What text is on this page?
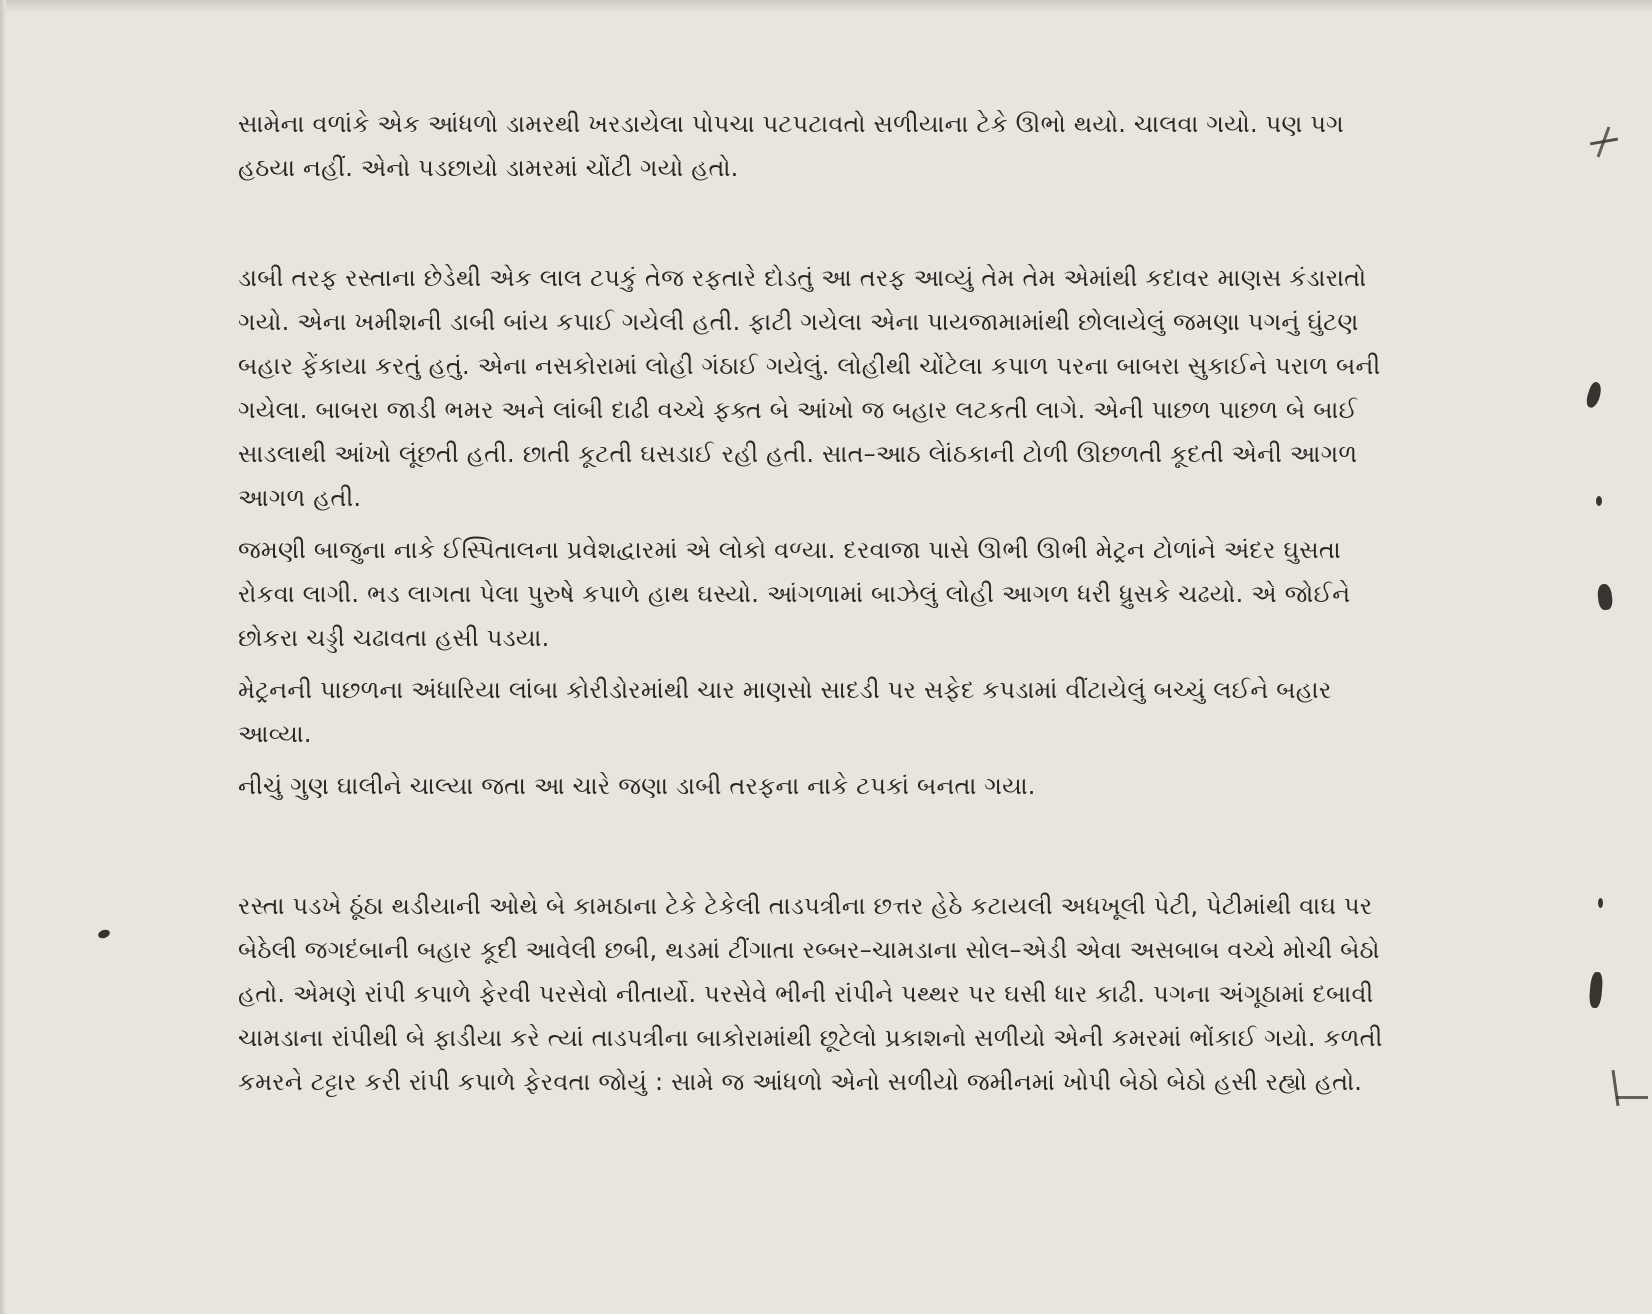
સામેના વળાંકે એક આંધળો ડામરથી ખરડાયેલા પોપચા પટપટાવતો સળીયાના ટેકે ઊભો થયો. ચાલવા ગયો. પણ પગ હઠયા નહીં. એનો પડછાયો ડામરમાં ચોંટી ગયો હતો.

ડાબી તરફ રસ્તાના છેડેથી એક લાલ ટપકું તેજ રફતારે દોડતું આ તરફ આવ્યું તેમ તેમ એમાંથી કદાવર માણસ કંડારાતો ગયો. એના ખમીશની ડાબી બાંય કપાઈ ગયેલી હતી. ફાટી ગયેલા એના પાયજામામાંથી છોલાયેલું જમણા પગનું ઘુંટણ બહાર ફેંકાયા કરતું હતું. એના નસકોરામાં લોહી ગંઠાઈ ગયેલું. લોહીથી ચોંટેલા કપાળ પરના બાબરા સુકાઈને પરાળ બની ગયેલા. બાબરા જાડી ભમર અને લાંબી દાઢી વચ્ચે ફક્ત બે આંખો જ બહાર લટકતી લાગે. એની પાછળ પાછળ બે બાઈ સાડલાથી આંખો લૂંછતી હતી. છાતી કૂટતી ઘસડાઈ રહી હતી. સાત–આઠ લેાંઠકાની ટોળી ઊછળતી કૂદતી એની આગળ આગળ હતી.

જમણી બાજુના નાકે ઈસ્પિતાલના પ્રવેશદ્વારમાં એ લોકો વળ્યા. દરવાજા પાસે ઊભી ઊભી મેટ્રન ટોળાંને અંદર ઘુસતા રોકવા લાગી. ભડ લાગતા પેલા પુરુષે કપાળે હાથ ઘસ્યો. આંગળામાં બાઝેલું લોહી આગળ ધરી ધ્રુસકે ચઢયો. એ જોઈને છોકરા ચડ્ડી ચઢાવતા હસી પડયા.

મેટ્રનની પાછળના અંધારિયા લાંબા કોરીડોરમાંથી ચાર માણસો સાદડી પર સફેદ કપડામાં વીંટાયેલું બચ્ચું લઈને બહાર આવ્યા.

નીચું ગુણ ઘાલીને ચાલ્યા જતા આ ચારે જણા ડાબી તરફના નાકે ટપકાં બનતા ગયા.

રસ્તા પડખે ઠૂંઠા થડીયાની ઓથે બે કામઠાના ટેકે ટેકેલી તાડપત્રીના છત્તર હેઠે કટાયલી અધખૂલી પેટી, પેટીમાંથી વાઘ પર બેઠેલી જગદંબાની બહાર કૂદી આવેલી છબી, થડમાં ટીંગાતા રબ્બર–ચામડાના સોલ–એડી એવા અસબાબ વચ્ચે મોચી બેઠો હતો. એમણે રાંપી કપાળે ફેરવી પરસેવો નીતાર્યો. પરસેવે ભીની રાંપીને પથ્થર પર ઘસી ધાર કાઢી. પગના અંગૂઠામાં દબાવી ચામડાના રાંપીથી બે ફાડીયા કરે ત્યાં તાડપત્રીના બાકોરામાંથી છૂટેલો પ્રકાશનો સળીયો એની કમરમાં ભોંકાઈ ગયો. કળતી કમરને ટટ્ટાર કરી રાંપી કપાળે ફેરવતા જોયું : સામે જ આંધળો એનો સળીયો જમીનમાં ખોપી બેઠો બેઠો હસી રહ્યો હતો.
